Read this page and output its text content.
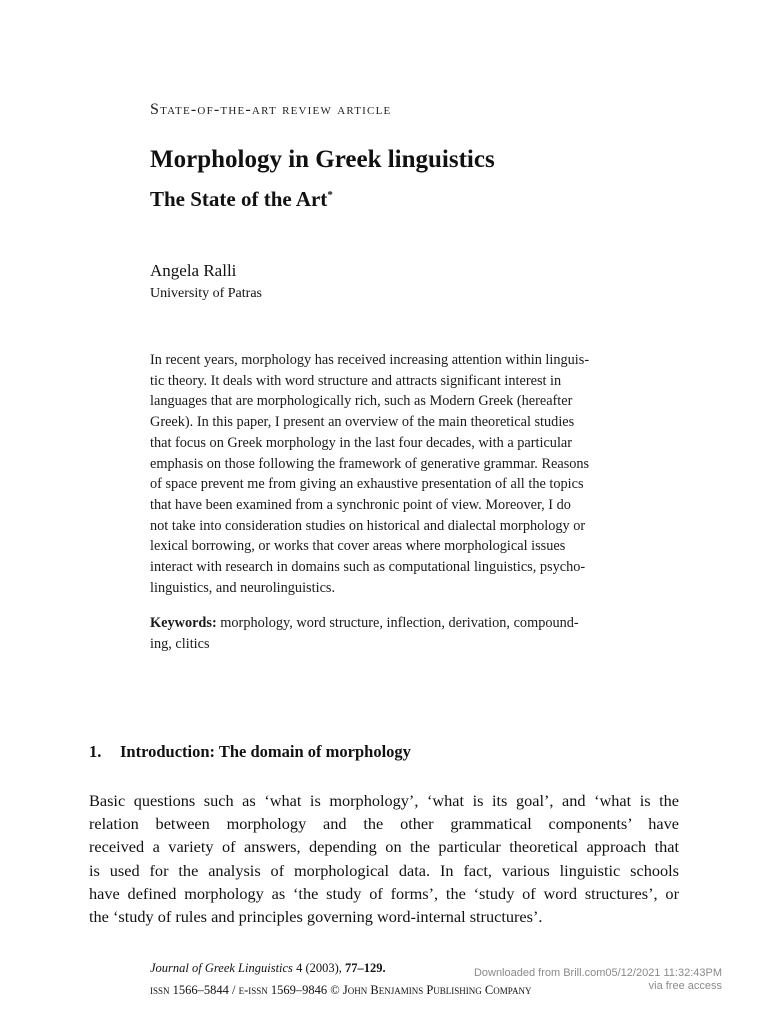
State-of-the-art review article
Morphology in Greek linguistics
The State of the Art*
Angela Ralli
University of Patras

In recent years, morphology has received increasing attention within linguis-
tic theory. It deals with word structure and attracts significant interest in
languages that are morphologically rich, such as Modern Greek (hereafter
Greek). In this paper, I present an overview of the main theoretical studies
that focus on Greek morphology in the last four decades, with a particular
emphasis on those following the framework of generative grammar. Reasons
of space prevent me from giving an exhaustive presentation of all the topics
that have been examined from a synchronic point of view. Moreover, I do
not take into consideration studies on historical and dialectal morphology or
lexical borrowing, or works that cover areas where morphological issues
interact with research in domains such as computational linguistics, psycho-
linguistics, and neurolinguistics.

Keywords: morphology, word structure, inflection, derivation, compound-
ing, clitics

1. Introduction: The domain of morphology

Basic questions such as ‘what is morphology’, ‘what is its goal’, and ‘what is the
relation between morphology and the other grammatical components’ have
received a variety of answers, depending on the particular theoretical approach that
is used for the analysis of morphological data. In fact, various linguistic schools
have defined morphology as ‘the study of forms’, the ‘study of word structures’, or
the ‘study of rules and principles governing word-internal structures’.

Journal of Greek Linguistics 4 (2003), 77–129.
issn 1566–5844 / e-issn 1569–9846 © John Benjamins Publishing Company
Downloaded from Brill.com05/12/2021 11:32:43PM
via free access
